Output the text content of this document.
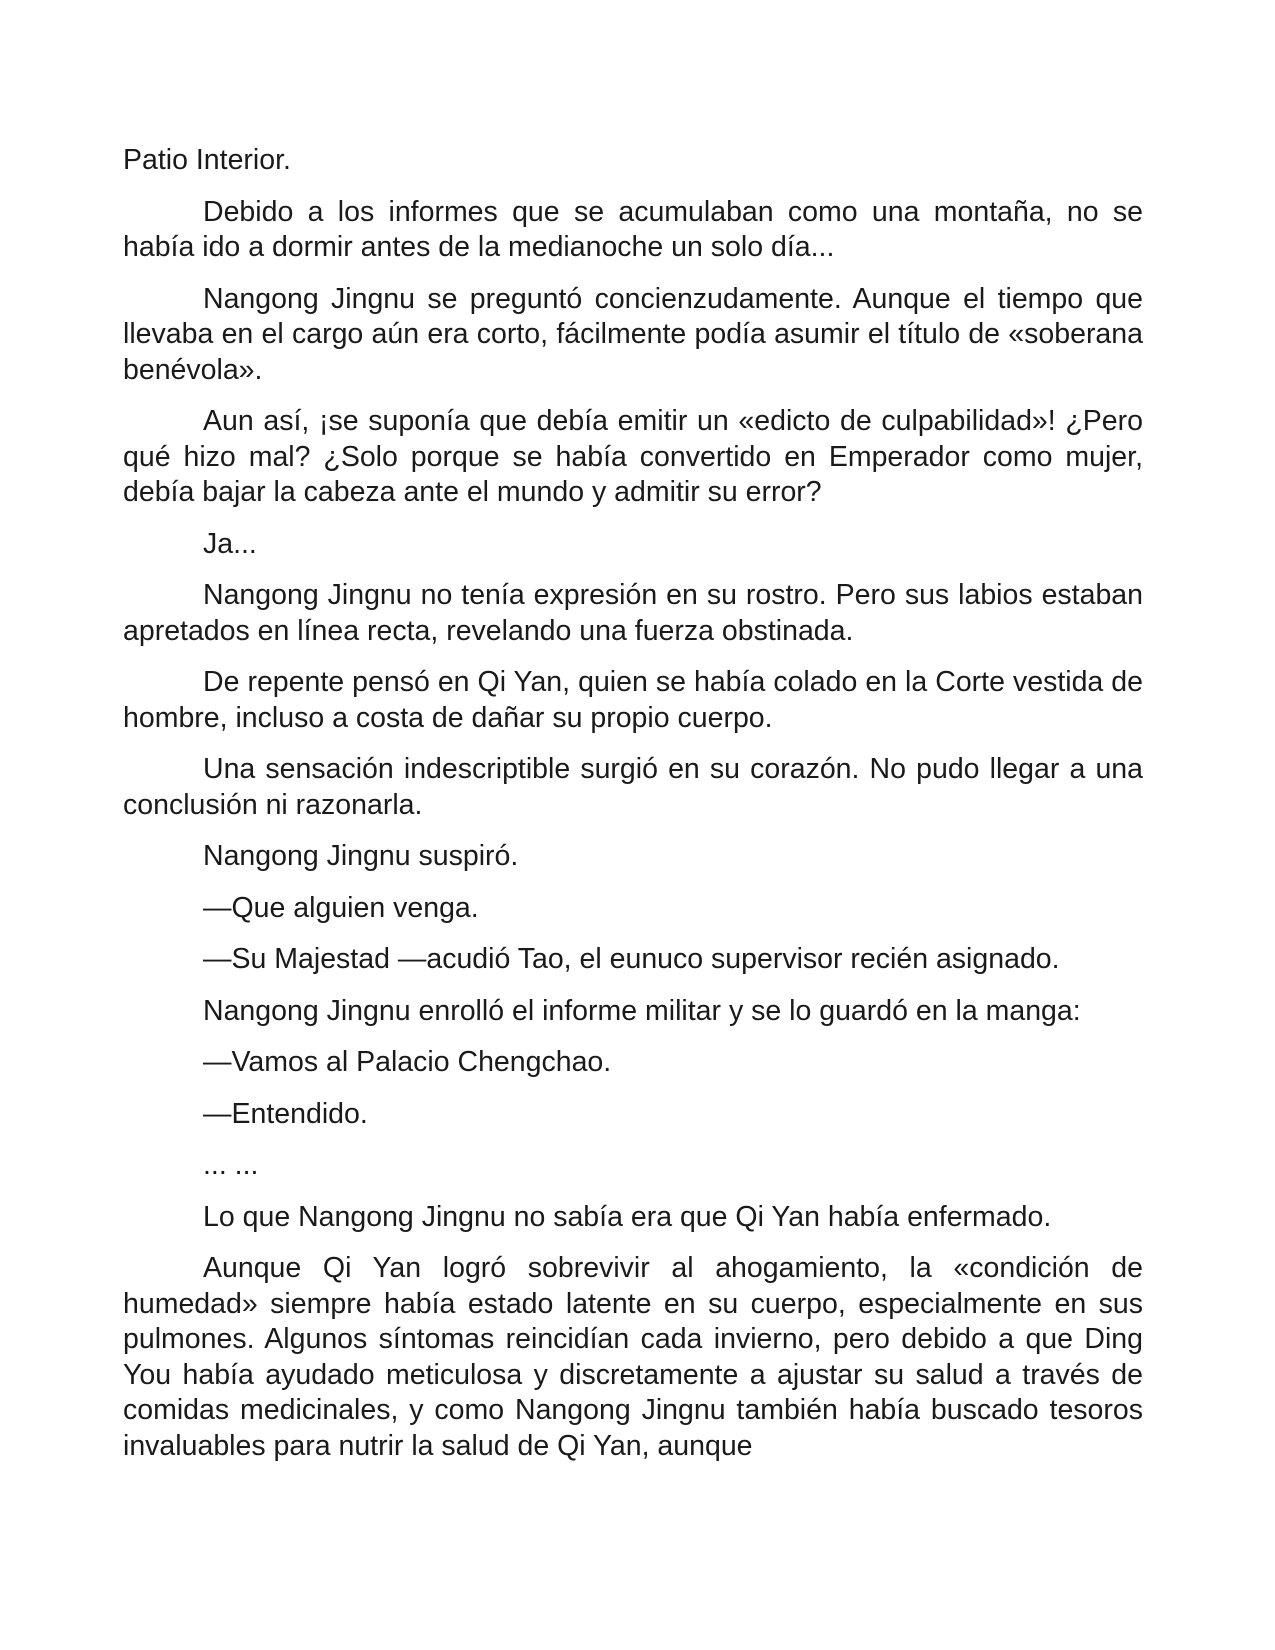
Patio Interior.

Debido a los informes que se acumulaban como una montaña, no se había ido a dormir antes de la medianoche un solo día...

Nangong Jingnu se preguntó concienzudamente. Aunque el tiempo que llevaba en el cargo aún era corto, fácilmente podía asumir el título de «soberana benévola».

Aun así, ¡se suponía que debía emitir un «edicto de culpabilidad»! ¿Pero qué hizo mal? ¿Solo porque se había convertido en Emperador como mujer, debía bajar la cabeza ante el mundo y admitir su error?

Ja...

Nangong Jingnu no tenía expresión en su rostro. Pero sus labios estaban apretados en línea recta, revelando una fuerza obstinada.

De repente pensó en Qi Yan, quien se había colado en la Corte vestida de hombre, incluso a costa de dañar su propio cuerpo.

Una sensación indescriptible surgió en su corazón. No pudo llegar a una conclusión ni razonarla.

Nangong Jingnu suspiró.

—Que alguien venga.

—Su Majestad —acudió Tao, el eunuco supervisor recién asignado.

Nangong Jingnu enrolló el informe militar y se lo guardó en la manga:

—Vamos al Palacio Chengchao.

—Entendido.

... ...

Lo que Nangong Jingnu no sabía era que Qi Yan había enfermado.

Aunque Qi Yan logró sobrevivir al ahogamiento, la «condición de humedad» siempre había estado latente en su cuerpo, especialmente en sus pulmones. Algunos síntomas reincidían cada invierno, pero debido a que Ding You había ayudado meticulosa y discretamente a ajustar su salud a través de comidas medicinales, y como Nangong Jingnu también había buscado tesoros invaluables para nutrir la salud de Qi Yan, aunque
